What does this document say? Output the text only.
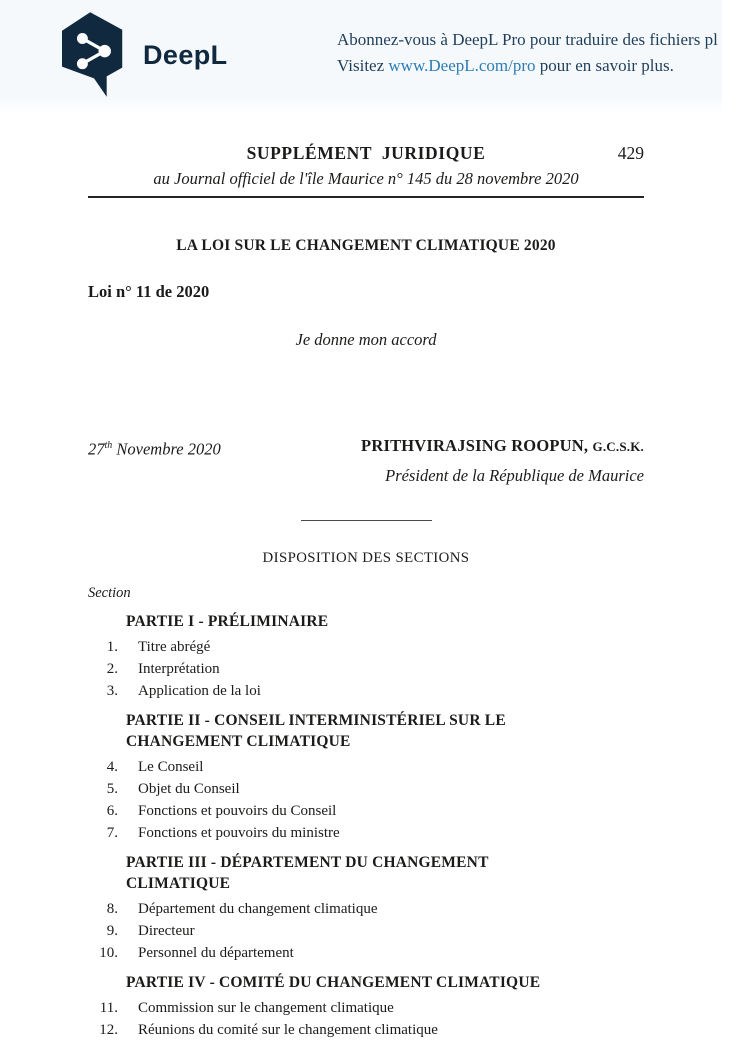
DeepL
Abonnez-vous à DeepL Pro pour traduire des fichiers pl
Visitez www.DeepL.com/pro pour en savoir plus.
SUPPLÉMENT JURIDIQUE	429
au Journal officiel de l'île Maurice n° 145 du 28 novembre 2020
LA LOI SUR LE CHANGEMENT CLIMATIQUE 2020
Loi n° 11 de 2020
Je donne mon accord
27th Novembre 2020	PRITHVIRAJSING ROOPUN, G.C.S.K.
Président de la République de Maurice
DISPOSITION DES SECTIONS
Section
PARTIE I - PRÉLIMINAIRE
1.	Titre abrégé
2.	Interprétation
3.	Application de la loi
PARTIE II - CONSEIL INTERMINISTÉRIEL SUR LE CHANGEMENT CLIMATIQUE
4.	Le Conseil
5.	Objet du Conseil
6.	Fonctions et pouvoirs du Conseil
7.	Fonctions et pouvoirs du ministre
PARTIE III - DÉPARTEMENT DU CHANGEMENT CLIMATIQUE
8.	Département du changement climatique
9.	Directeur
10.	Personnel du département
PARTIE IV - COMITÉ DU CHANGEMENT CLIMATIQUE
11.	Commission sur le changement climatique
12.	Réunions du comité sur le changement climatique
